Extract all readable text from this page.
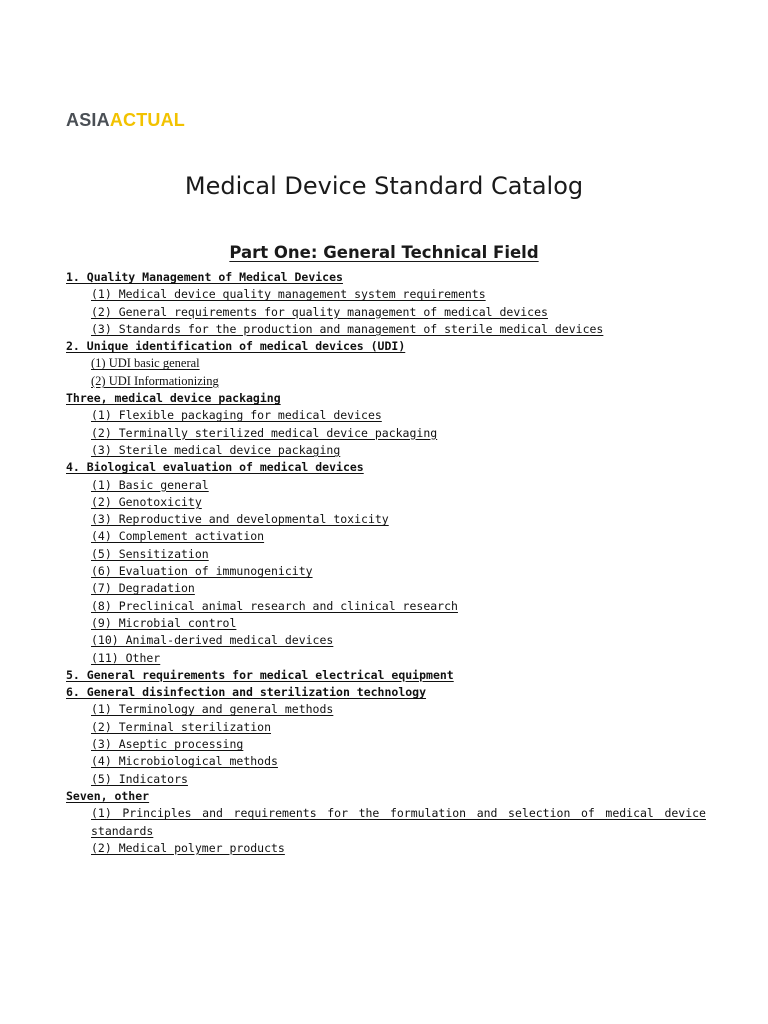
ASIAACTUAL
Medical Device Standard Catalog
Part One: General Technical Field
1. Quality Management of Medical Devices
(1) Medical device quality management system requirements
(2) General requirements for quality management of medical devices
(3) Standards for the production and management of sterile medical devices
2. Unique identification of medical devices (UDI)
(1) UDI basic general
(2) UDI Informationizing
Three, medical device packaging
(1) Flexible packaging for medical devices
(2) Terminally sterilized medical device packaging
(3) Sterile medical device packaging
4. Biological evaluation of medical devices
(1) Basic general
(2) Genotoxicity
(3) Reproductive and developmental toxicity
(4) Complement activation
(5) Sensitization
(6) Evaluation of immunogenicity
(7) Degradation
(8) Preclinical animal research and clinical research
(9) Microbial control
(10) Animal-derived medical devices
(11) Other
5. General requirements for medical electrical equipment
6. General disinfection and sterilization technology
(1) Terminology and general methods
(2) Terminal sterilization
(3) Aseptic processing
(4) Microbiological methods
(5) Indicators
Seven, other
(1) Principles and requirements for the formulation and selection of medical device
standards
(2) Medical polymer products
